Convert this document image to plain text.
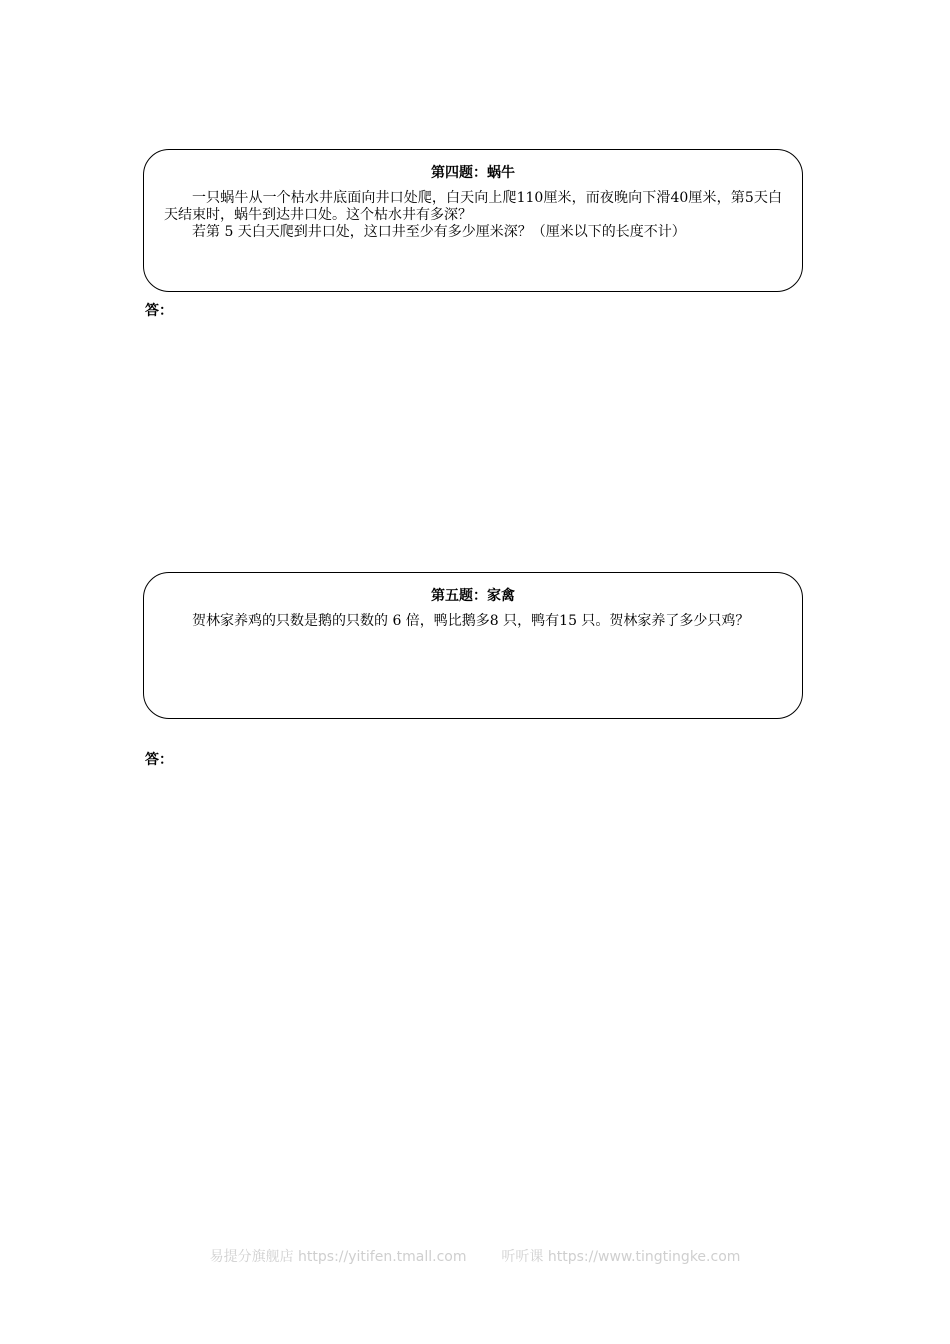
第四题：蜗牛

一只蜗牛从一个枯水井底面向井口处爬，白天向上爬110厘米，而夜晚向下滑40厘米，第5天白天结束时，蜗牛到达井口处。这个枯水井有多深？

若第 5 天白天爬到井口处，这口井至少有多少厘米深？（厘米以下的长度不计）

答：
第五题：家禽

贺林家养鸡的只数是鹅的只数的 6 倍，鸭比鹅多8 只，鸭有15 只。贺林家养了多少只鸡？

答：
易提分旗舰店 https://yitifen.tmall.com 听听课 https://www.tingtingke.com
